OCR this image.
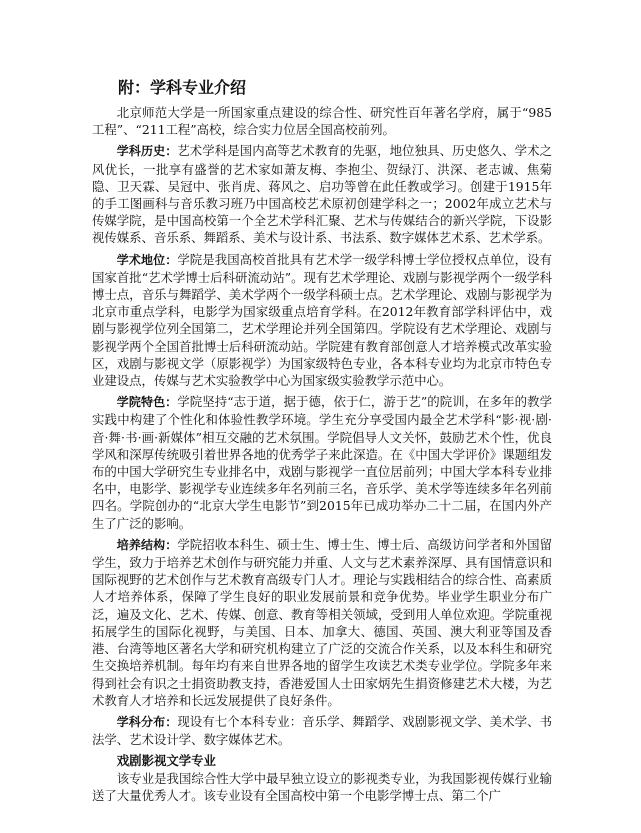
附：学科专业介绍

北京师范大学是一所国家重点建设的综合性、研究性百年著名学府，属于“985工程”、“211工程”高校，综合实力位居全国高校前列。

学科历史：艺术学科是国内高等艺术教育的先驱，地位独具、历史悠久、学术之风优长，一批享有盛誉的艺术家如萧友梅、李抱尘、贺绿汀、洪深、老志诚、焦菊隐、卫天霖、吴冠中、张肖虎、蒋风之、启功等曾在此任教或学习。创建于1915年的手工图画科与音乐教习班乃中国高校艺术原初创建学科之一；2002年成立艺术与传媒学院，是中国高校第一个全艺术学科汇聚、艺术与传媒结合的新兴学院，下设影视传媒系、音乐系、舞蹈系、美术与设计系、书法系、数字媒体艺术系、艺术学系。

学术地位：学院是我国高校首批具有艺术学一级学科博士学位授权点单位，设有国家首批“艺术学博士后科研流动站”。现有艺术学理论、戏剧与影视学两个一级学科博士点，音乐与舞蹈学、美术学两个一级学科硕士点。艺术学理论、戏剧与影视学为北京市重点学科，电影学为国家级重点培育学科。在2012年教育部学科评估中，戏剧与影视学位列全国第二，艺术学理论并列全国第四。学院设有艺术学理论、戏剧与影视学两个全国首批博士后科研流动站。学院建有教育部创意人才培养模式改革实验区，戏剧与影视文学（原影视学）为国家级特色专业，各本科专业均为北京市特色专业建设点，传媒与艺术实验教学中心为国家级实验教学示范中心。

学院特色：学院坚持“志于道，据于德，依于仁，游于艺”的院训，在多年的教学实践中构建了个性化和体验性教学环境。学生充分享受国内最全艺术学科“影·视·剧·音·舞·书·画·新媒体”相互交融的艺术氛围。学院倡导人文关怀，鼓励艺术个性，优良学风和深厚传统吸引着世界各地的优秀学子来此深造。在《中国大学评价》课题组发布的中国大学研究生专业排名中，戏剧与影视学一直位居前列；中国大学本科专业排名中，电影学、影视学专业连续多年名列前三名，音乐学、美术学等连续多年名列前四名。学院创办的“北京大学生电影节”到2015年已成功举办二十二届，在国内外产生了广泛的影响。

培养结构：学院招收本科生、硕士生、博士生、博士后、高级访问学者和外国留学生，致力于培养艺术创作与研究能力并重、人文与艺术素养深厚、具有国情意识和国际视野的艺术创作与艺术教育高级专门人才。理论与实践相结合的综合性、高素质人才培养体系，保障了学生良好的职业发展前景和竞争优势。毕业学生职业分布广泛，遍及文化、艺术、传媒、创意、教育等相关领域，受到用人单位欢迎。学院重视拓展学生的国际化视野，与美国、日本、加拿大、德国、英国、澳大利亚等国及香港、台湾等地区著名大学和研究机构建立了广泛的交流合作关系，以及本科生和研究生交换培养机制。每年均有来自世界各地的留学生攻读艺术类专业学位。学院多年来得到社会有识之士捐资助教支持，香港爱国人士田家炳先生捐资修建艺术大楼，为艺术教育人才培养和长远发展提供了良好条件。

学科分布：现设有七个本科专业：音乐学、舞蹈学、戏剧影视文学、美术学、书法学、艺术设计学、数字媒体艺术。

戏剧影视文学专业

该专业是我国综合性大学中最早独立设立的影视类专业，为我国影视传媒行业输送了大量优秀人才。该专业设有全国高校中第一个电影学博士点、第二个广
